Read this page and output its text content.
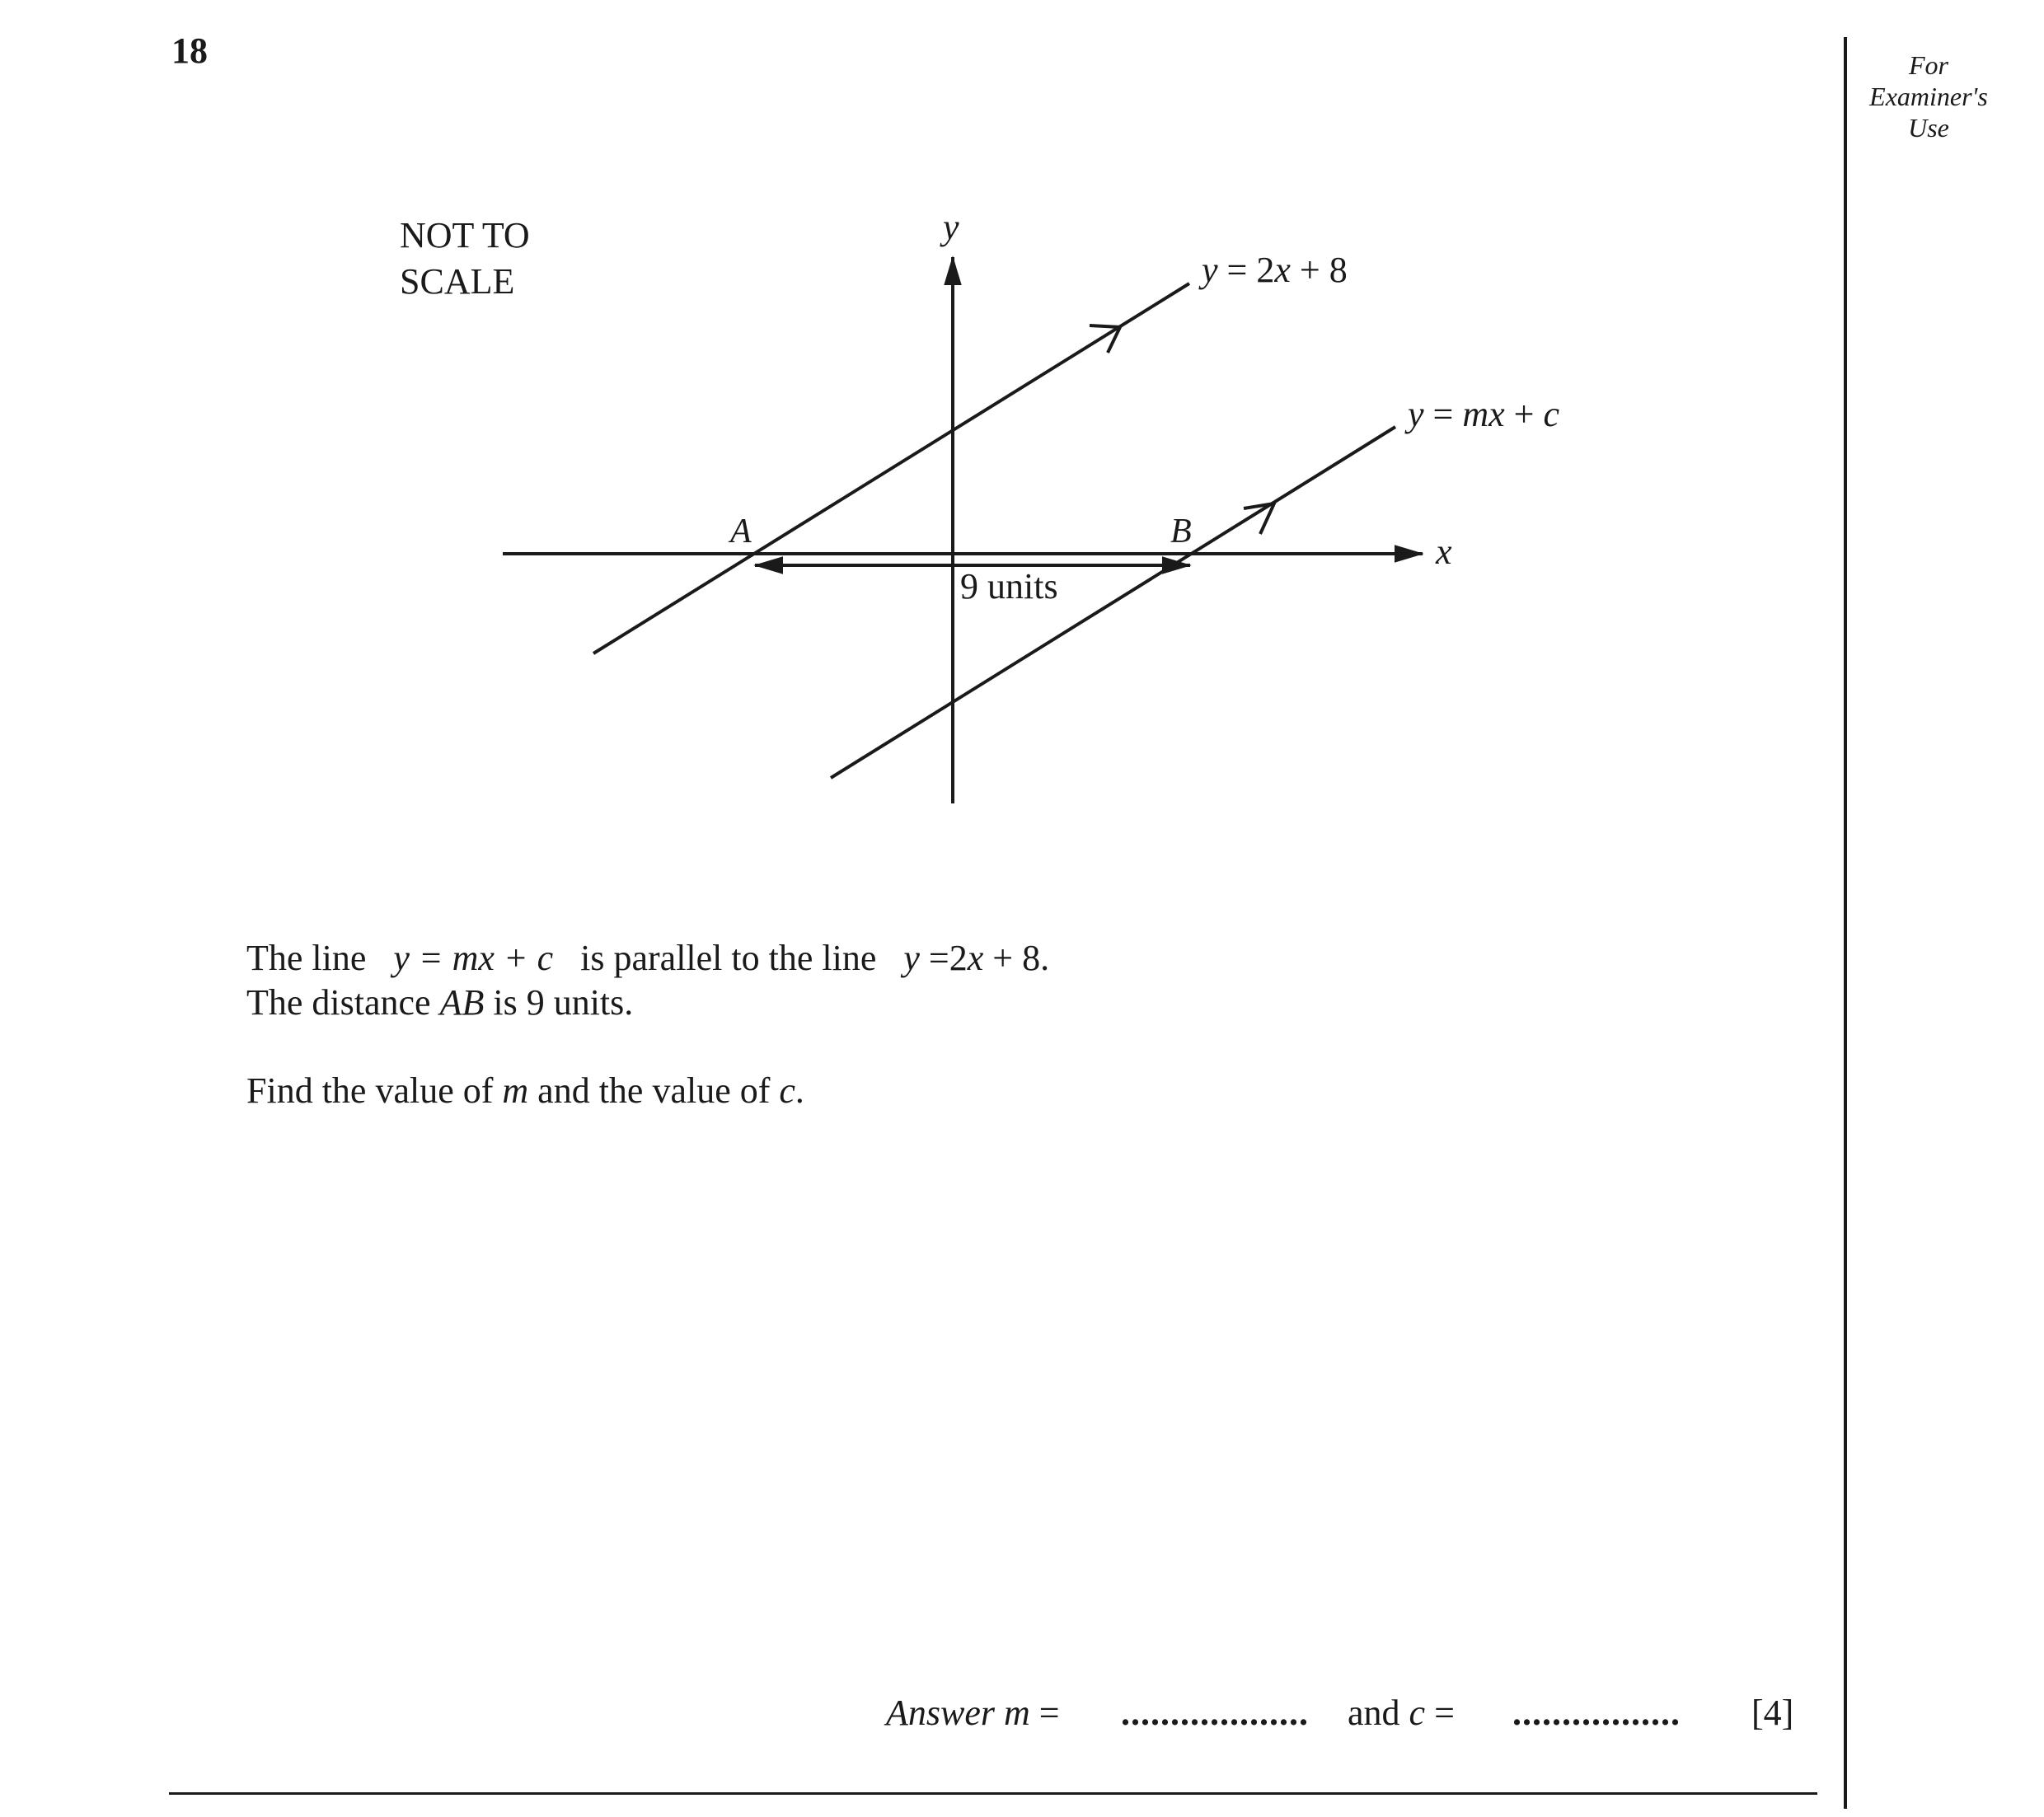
18	For
Examiner's
Use
NOT TO
SCALE
y
x
A	B
9 units
y = 2x + 8
y = mx + c
The line   y = mx + c   is parallel to the line   y =2x + 8.
The distance AB is 9 units.
Find the value of m and the value of c.
Answer m = ................... and c = ................. [4]
